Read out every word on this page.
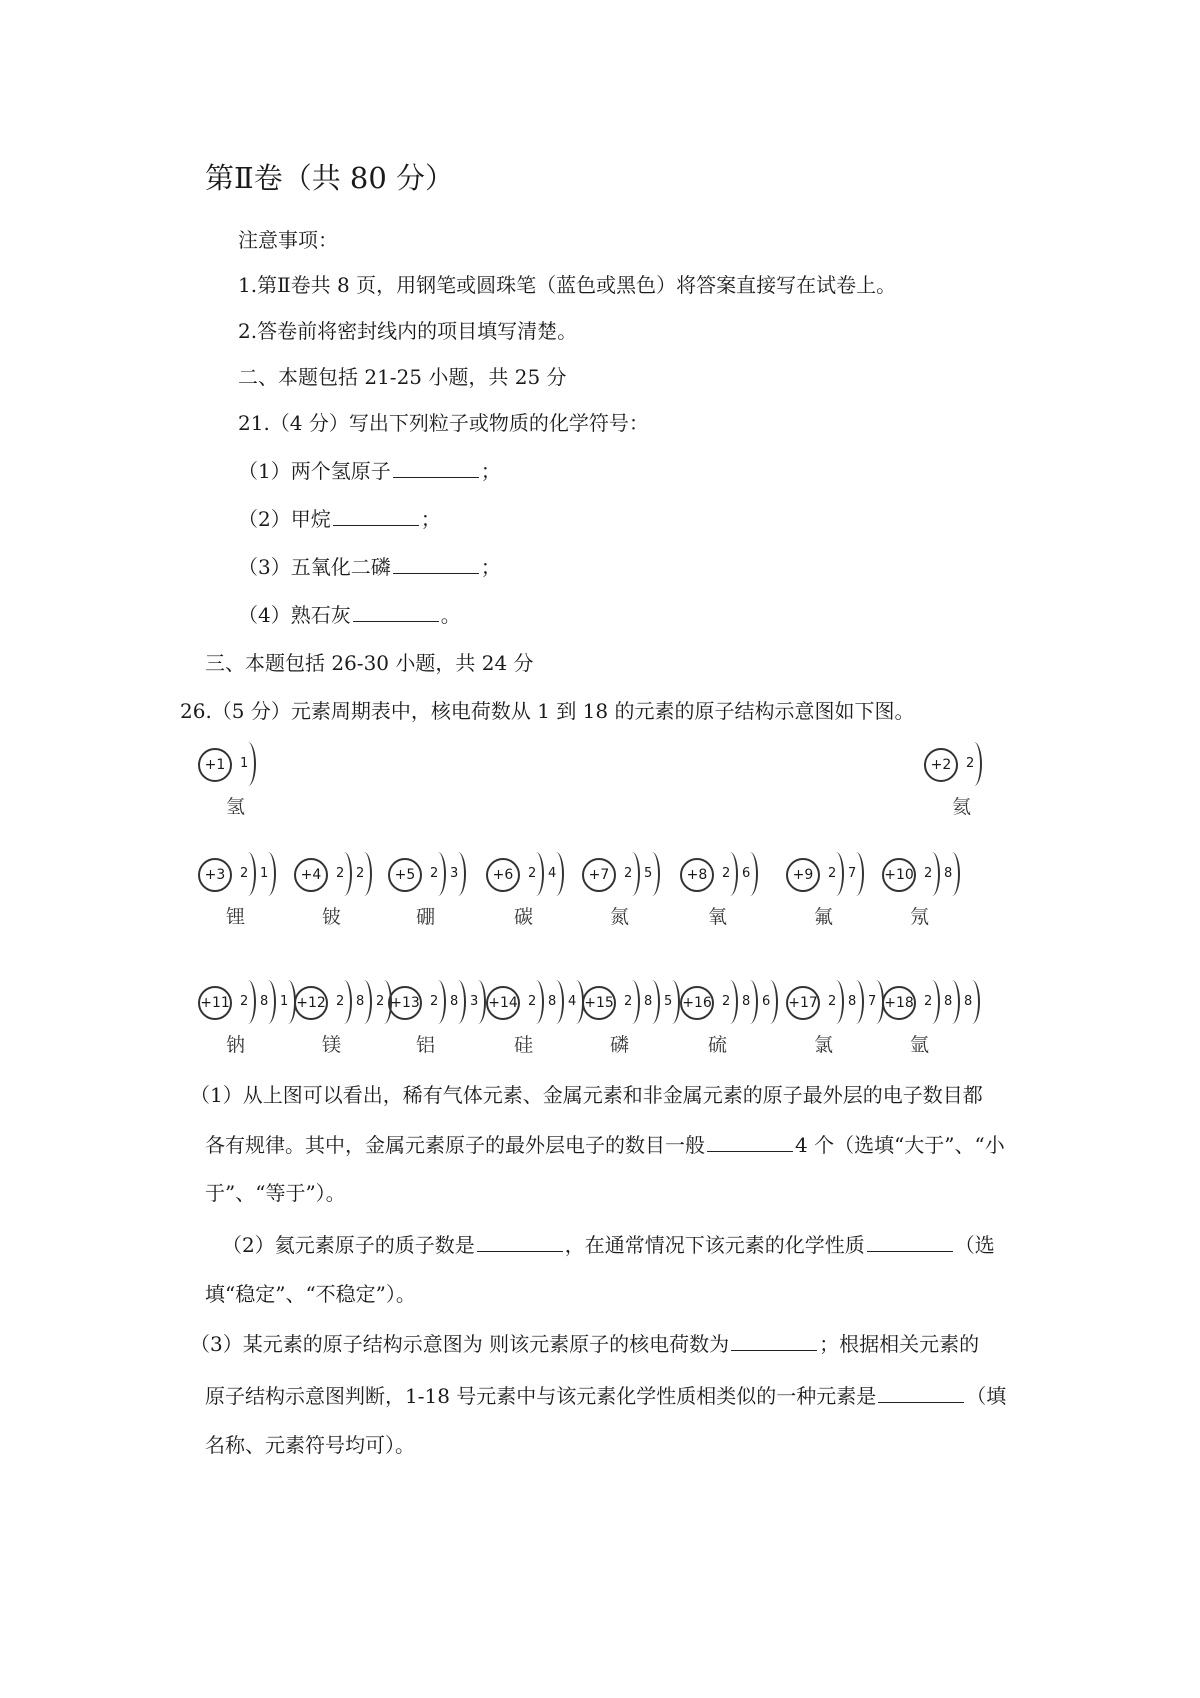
第Ⅱ卷（共 80 分）
注意事项：
1.第Ⅱ卷共 8 页，用钢笔或圆珠笔（蓝色或黑色）将答案直接写在试卷上。
2.答卷前将密封线内的项目填写清楚。
二、本题包括 21-25 小题，共 25 分
21.（4 分）写出下列粒子或物质的化学符号：
（1）两个氢原子	；
（2）甲烷	；
（3）五氧化二磷	；
（4）熟石灰	。
三、本题包括 26-30 小题，共 24 分
26.（5 分）元素周期表中，核电荷数从 1 到 18 的元素的原子结构示意图如下图。
+1	1
氢
+2	2
氦
+3	2 1
锂
+4	2 2
铍
+5	2 3
硼
+6	2 4
碳
+7	2 5
氮
+8	2 6
氧
+9	2 7
氟
+10 2 8
氖
+11 2 8 1
钠
+12 2 8 2
镁
+13 2 8 3
铝
+14 2 8 4
硅
+15 2 8 5
磷
+16 2 8 6
硫
+17 2 8 7
氯
+18 2 8 8
氩
（1）从上图可以看出，稀有气体元素、金属元素和非金属元素的原子最外层的电子数目都
各有规律。其中，金属元素原子的最外层电子的数目一般	4 个（选填“大于”、“小
于”、“等于”）。
（2）氦元素原子的质子数是	，在通常情况下该元素的化学性质	（选
填“稳定”、“不稳定”）。
（3）某元素的原子结构示意图为 则该元素原子的核电荷数为	；根据相关元素的
原子结构示意图判断，1-18 号元素中与该元素化学性质相类似的一种元素是	（填
名称、元素符号均可）。
